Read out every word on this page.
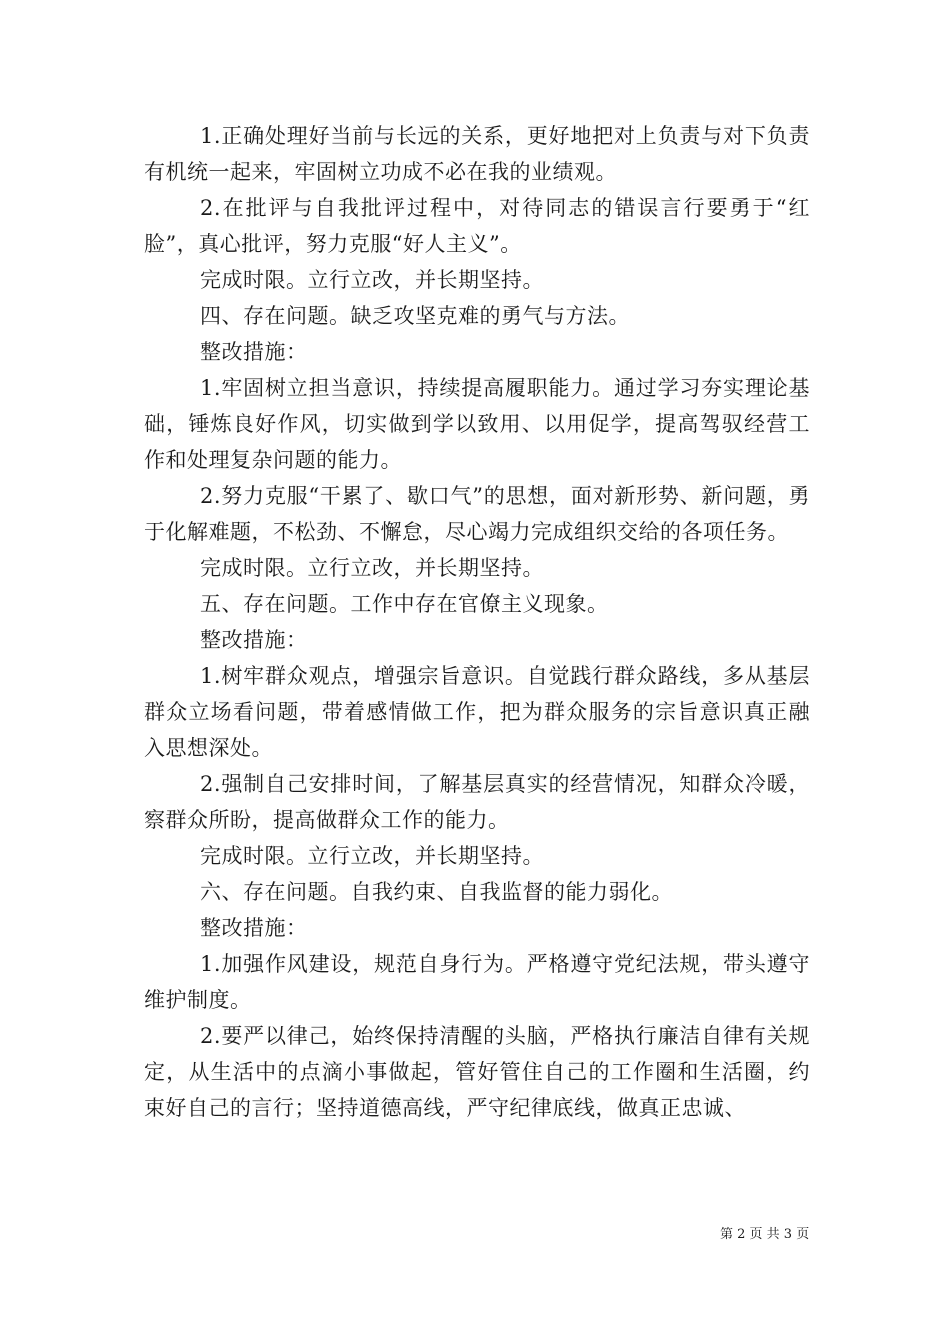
1.正确处理好当前与长远的关系，更好地把对上负责与对下负责有机统一起来，牢固树立功成不必在我的业绩观。

2.在批评与自我批评过程中，对待同志的错误言行要勇于“红脸”，真心批评，努力克服“好人主义”。

完成时限。立行立改，并长期坚持。

四、存在问题。缺乏攻坚克难的勇气与方法。

整改措施：

1.牢固树立担当意识，持续提高履职能力。通过学习夯实理论基础，锤炼良好作风，切实做到学以致用、以用促学，提高驾驭经营工作和处理复杂问题的能力。

2.努力克服“干累了、歇口气”的思想，面对新形势、新问题，勇于化解难题，不松劲、不懈怠，尽心竭力完成组织交给的各项任务。

完成时限。立行立改，并长期坚持。

五、存在问题。工作中存在官僚主义现象。

整改措施：

1.树牢群众观点，增强宗旨意识。自觉践行群众路线，多从基层群众立场看问题，带着感情做工作，把为群众服务的宗旨意识真正融入思想深处。

2.强制自己安排时间，了解基层真实的经营情况，知群众冷暖，察群众所盼，提高做群众工作的能力。

完成时限。立行立改，并长期坚持。

六、存在问题。自我约束、自我监督的能力弱化。

整改措施：

1.加强作风建设，规范自身行为。严格遵守党纪法规，带头遵守维护制度。

2.要严以律己，始终保持清醒的头脑，严格执行廉洁自律有关规定，从生活中的点滴小事做起，管好管住自己的工作圈和生活圈，约束好自己的言行；坚持道德高线，严守纪律底线，做真正忠诚、

第 2 页 共 3 页
